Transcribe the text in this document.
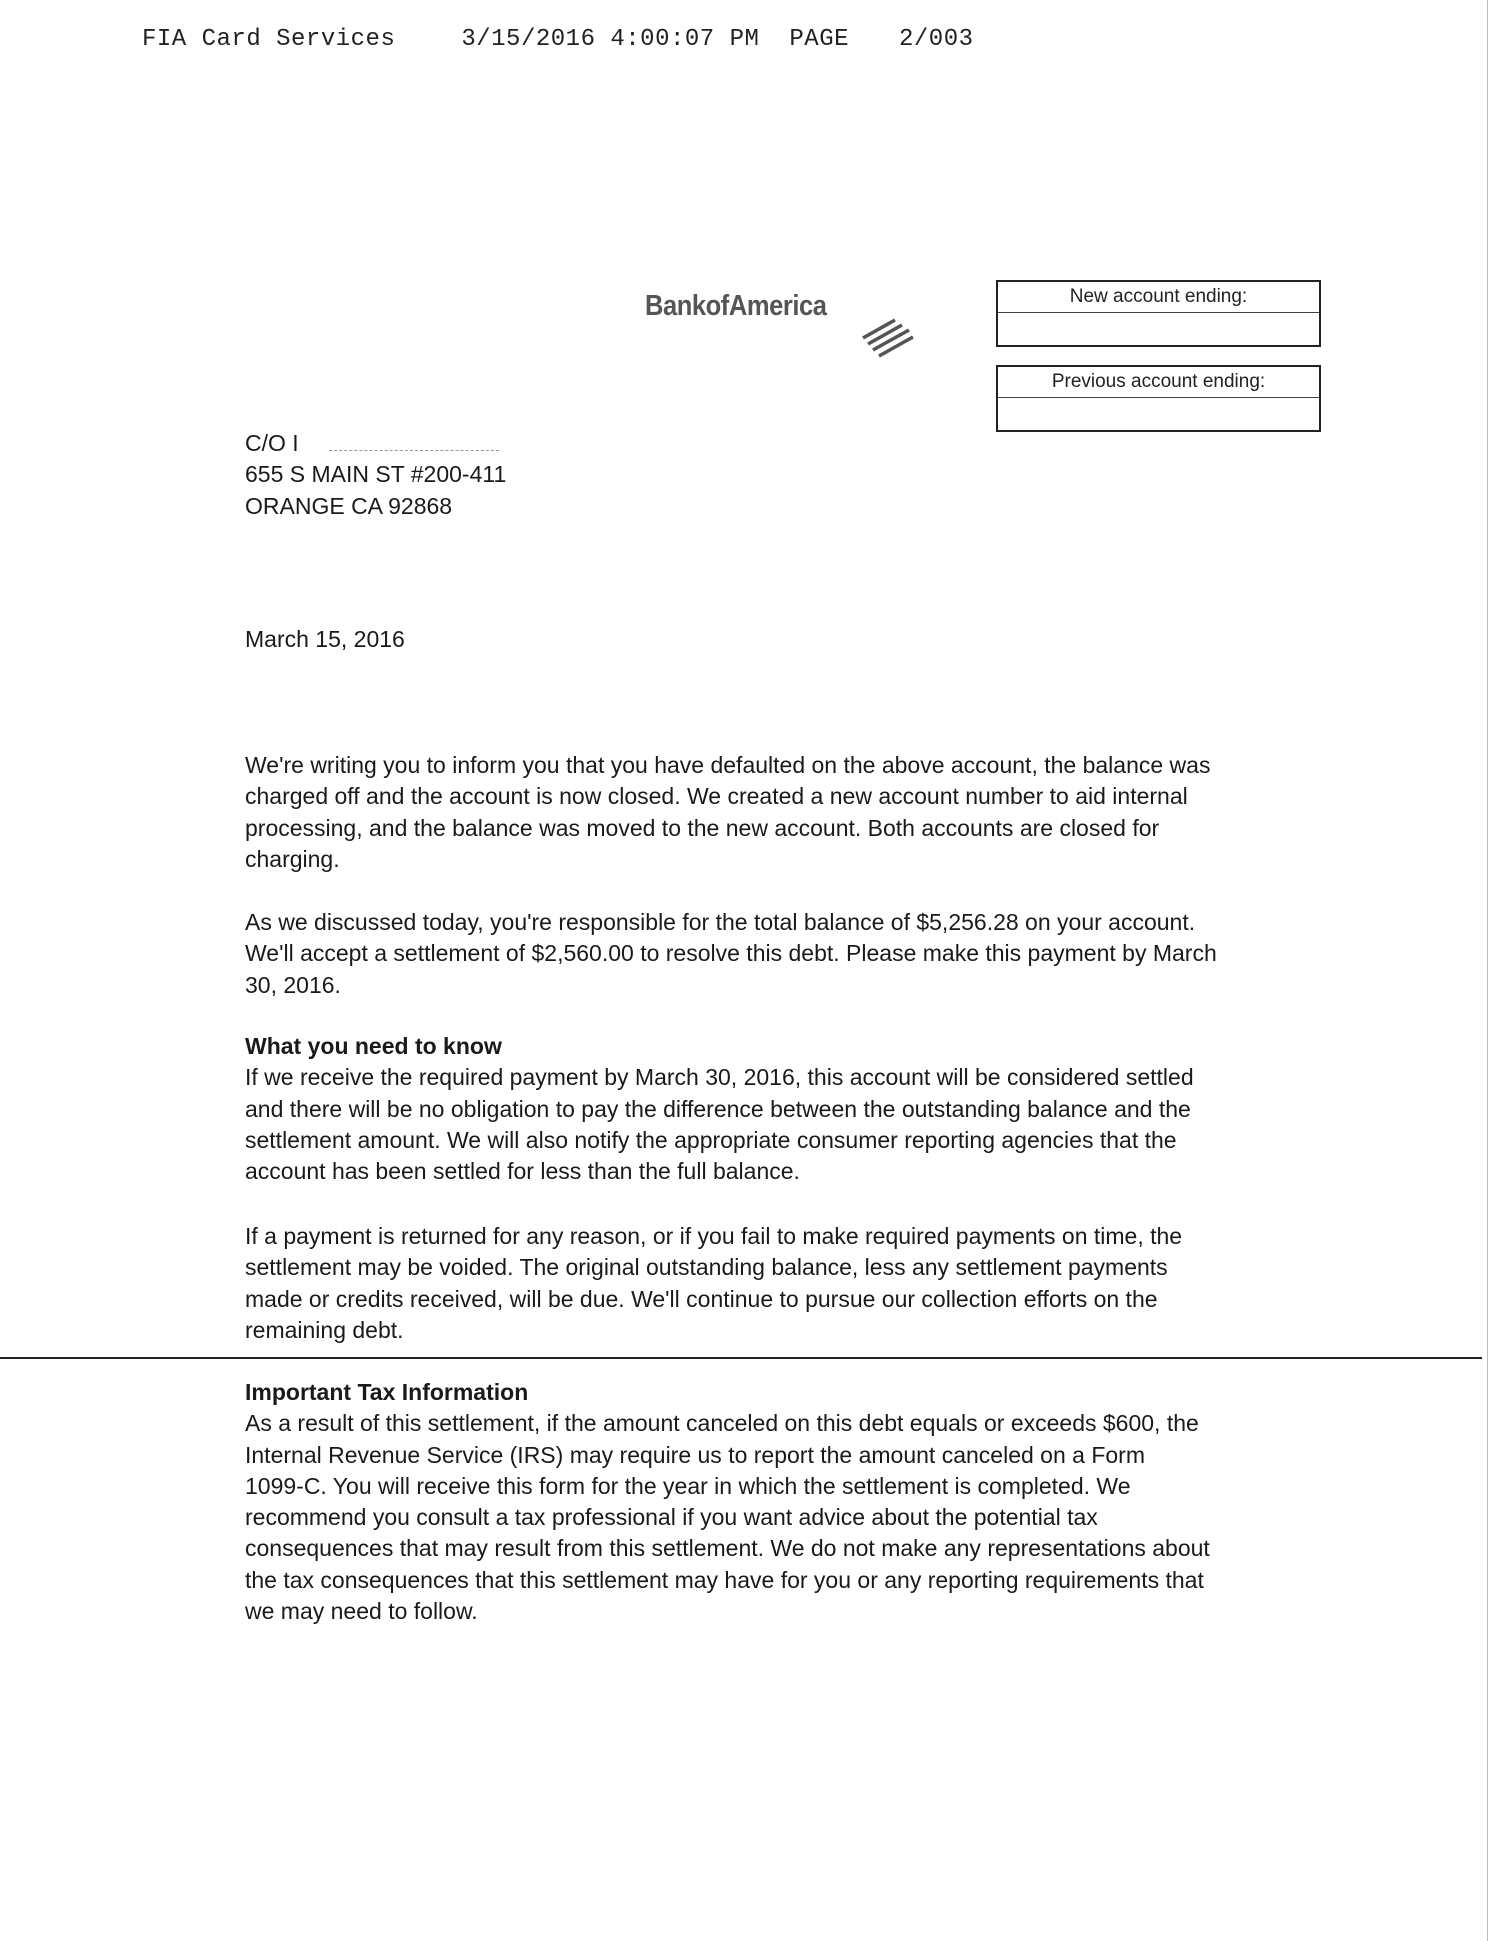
FIA Card Services	3/15/2016 4:00:07 PM PAGE 2/003
BankofAmerica	New account ending:
Previous account ending:
C/O I
655 S MAIN ST #200-411
ORANGE CA 92868
March 15, 2016
We're writing you to inform you that you have defaulted on the above account, the balance was
charged off and the account is now closed. We created a new account number to aid internal
processing, and the balance was moved to the new account. Both accounts are closed for
charging.
As we discussed today, you're responsible for the total balance of $5,256.28 on your account.
We'll accept a settlement of $2,560.00 to resolve this debt. Please make this payment by March
30, 2016.
What you need to know
If we receive the required payment by March 30, 2016, this account will be considered settled
and there will be no obligation to pay the difference between the outstanding balance and the
settlement amount. We will also notify the appropriate consumer reporting agencies that the
account has been settled for less than the full balance.
If a payment is returned for any reason, or if you fail to make required payments on time, the
settlement may be voided. The original outstanding balance, less any settlement payments
made or credits received, will be due. We'll continue to pursue our collection efforts on the
remaining debt.
Important Tax Information
As a result of this settlement, if the amount canceled on this debt equals or exceeds $600, the
Internal Revenue Service (IRS) may require us to report the amount canceled on a Form
1099-C. You will receive this form for the year in which the settlement is completed. We
recommend you consult a tax professional if you want advice about the potential tax
consequences that may result from this settlement. We do not make any representations about
the tax consequences that this settlement may have for you or any reporting requirements that
we may need to follow.
